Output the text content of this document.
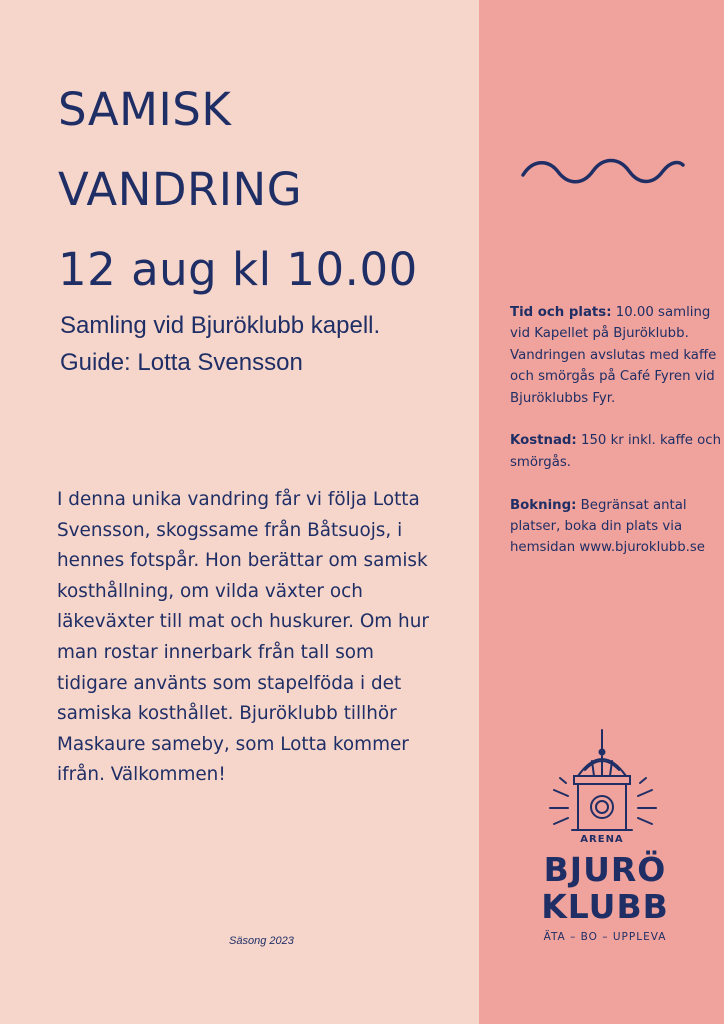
SAMISK
VANDRING
12 aug kl 10.00
Samling vid Bjuröklubb kapell.
Guide: Lotta Svensson
I denna unika vandring får vi följa Lotta Svensson, skogssame från Båtsuojs, i hennes fotspår. Hon berättar om samisk kosthållning, om vilda växter och läkeväxter till mat och huskurer. Om hur man rostar innerbark från tall som tidigare använts som stapelföda i det samiska kosthållet. Bjuröklubb tillhör Maskaure sameby, som Lotta kommer ifrån. Välkommen!
Säsong 2023

Tid och plats: 10.00 samling vid Kapellet på Bjuröklubb. Vandringen avslutas med kaffe och smörgås på Café Fyren vid Bjuröklubbs Fyr.

Kostnad: 150 kr inkl. kaffe och smörgås.

Bokning: Begränsat antal platser, boka din plats via hemsidan www.bjuroklubb.se

ARENA
BJURÖ
KLUBB
ÄTA – BO – UPPLEVA
